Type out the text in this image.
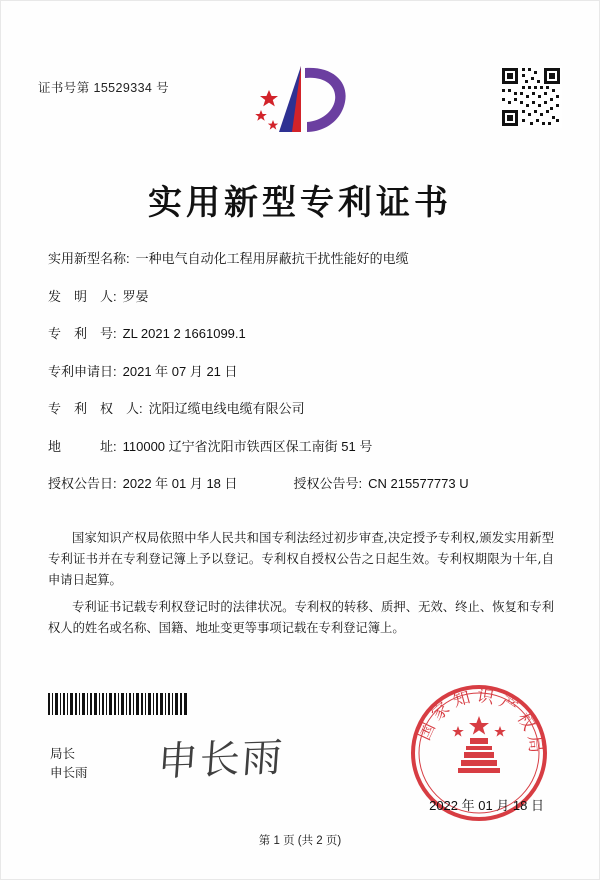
证书号第 15529334 号
实用新型专利证书
实用新型名称: 一种电气自动化工程用屏蔽抗干扰性能好的电缆
发　明　人: 罗晏
专　利　号: ZL 2021 2 1661099.1
专利申请日: 2021 年 07 月 21 日
专　利　权　人: 沈阳辽缆电线电缆有限公司
地　　　址: 110000 辽宁省沈阳市铁西区保工南街 51 号
授权公告日: 2022 年 01 月 18 日	授权公告号: CN 215577773 U

国家知识产权局依照中华人民共和国专利法经过初步审查,决定授予专利权,颁发实用新型专利证书并在专利登记簿上予以登记。专利权自授权公告之日起生效。专利权期限为十年,自申请日起算。

专利证书记载专利权登记时的法律状况。专利权的转移、质押、无效、终止、恢复和专利权人的姓名或名称、国籍、地址变更等事项记载在专利登记簿上。

局长
申长雨 申长雨
国家知识产权局
2022 年 01 月 18 日
第 1 页 (共 2 页)
